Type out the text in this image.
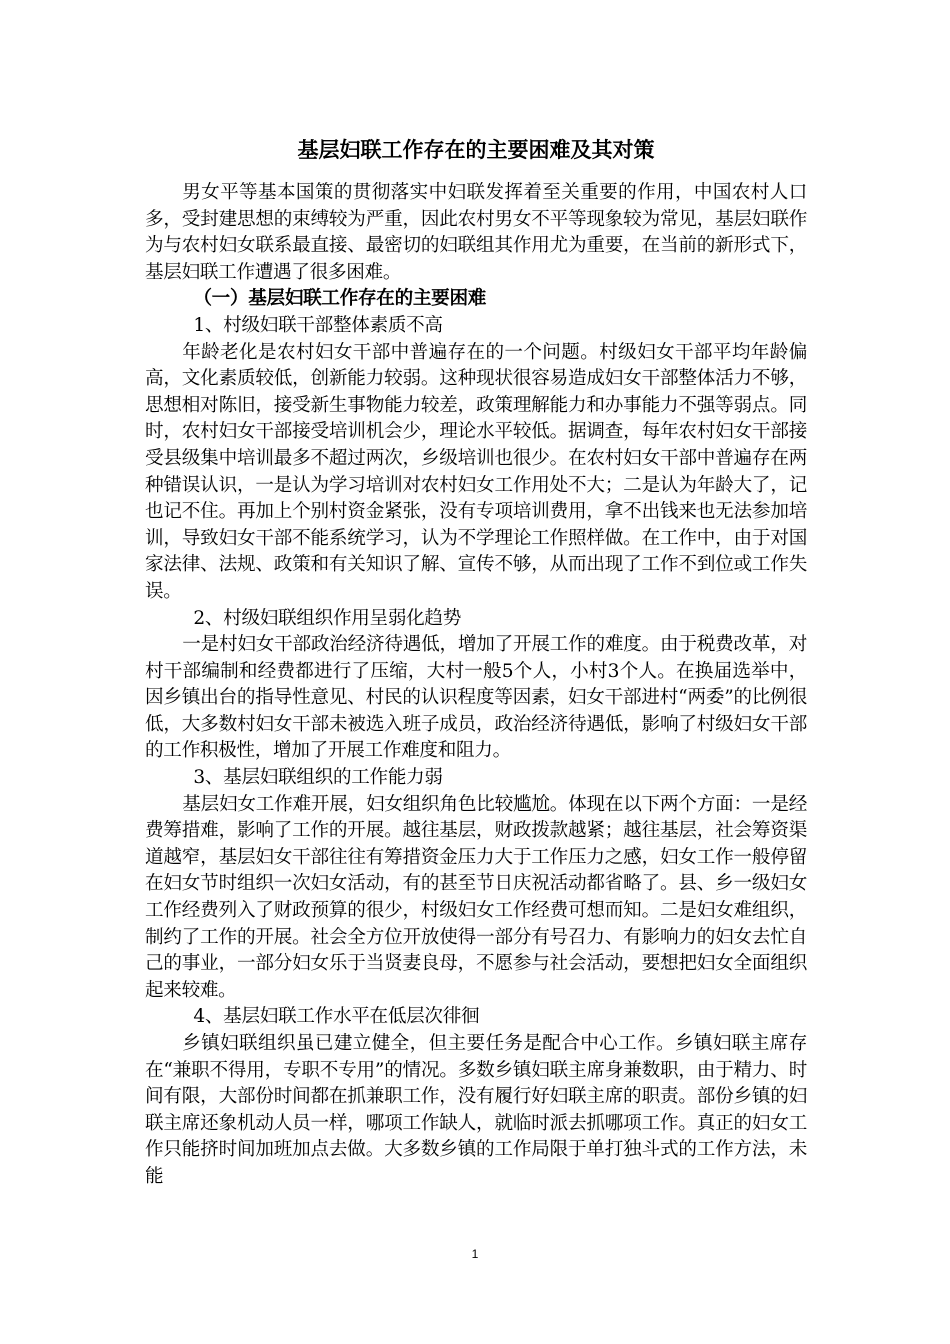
基层妇联工作存在的主要困难及其对策

男女平等基本国策的贯彻落实中妇联发挥着至关重要的作用，中国农村人口多，受封建思想的束缚较为严重，因此农村男女不平等现象较为常见，基层妇联作为与农村妇女联系最直接、最密切的妇联组其作用尤为重要，在当前的新形式下，基层妇联工作遭遇了很多困难。

（一）基层妇联工作存在的主要困难

1、村级妇联干部整体素质不高

年龄老化是农村妇女干部中普遍存在的一个问题。村级妇女干部平均年龄偏高，文化素质较低，创新能力较弱。这种现状很容易造成妇女干部整体活力不够，思想相对陈旧，接受新生事物能力较差，政策理解能力和办事能力不强等弱点。同时，农村妇女干部接受培训机会少，理论水平较低。据调查，每年农村妇女干部接受县级集中培训最多不超过两次，乡级培训也很少。在农村妇女干部中普遍存在两种错误认识，一是认为学习培训对农村妇女工作用处不大；二是认为年龄大了，记也记不住。再加上个别村资金紧张，没有专项培训费用，拿不出钱来也无法参加培训，导致妇女干部不能系统学习，认为不学理论工作照样做。在工作中，由于对国家法律、法规、政策和有关知识了解、宣传不够，从而出现了工作不到位或工作失误。

2、村级妇联组织作用呈弱化趋势

一是村妇女干部政治经济待遇低，增加了开展工作的难度。由于税费改革，对村干部编制和经费都进行了压缩，大村一般5个人，小村3个人。在换届选举中，因乡镇出台的指导性意见、村民的认识程度等因素，妇女干部进村“两委”的比例很低，大多数村妇女干部未被选入班子成员，政治经济待遇低，影响了村级妇女干部的工作积极性，增加了开展工作难度和阻力。

3、基层妇联组织的工作能力弱

基层妇女工作难开展，妇女组织角色比较尴尬。体现在以下两个方面：一是经费筹措难，影响了工作的开展。越往基层，财政拨款越紧；越往基层，社会筹资渠道越窄，基层妇女干部往往有筹措资金压力大于工作压力之感，妇女工作一般停留在妇女节时组织一次妇女活动，有的甚至节日庆祝活动都省略了。县、乡一级妇女工作经费列入了财政预算的很少，村级妇女工作经费可想而知。二是妇女难组织，制约了工作的开展。社会全方位开放使得一部分有号召力、有影响力的妇女去忙自己的事业，一部分妇女乐于当贤妻良母，不愿参与社会活动，要想把妇女全面组织起来较难。

4、基层妇联工作水平在低层次徘徊

乡镇妇联组织虽已建立健全，但主要任务是配合中心工作。乡镇妇联主席存在“兼职不得用，专职不专用”的情况。多数乡镇妇联主席身兼数职，由于精力、时间有限，大部份时间都在抓兼职工作，没有履行好妇联主席的职责。部份乡镇的妇联主席还象机动人员一样，哪项工作缺人，就临时派去抓哪项工作。真正的妇女工作只能挤时间加班加点去做。大多数乡镇的工作局限于单打独斗式的工作方法，未能

1
